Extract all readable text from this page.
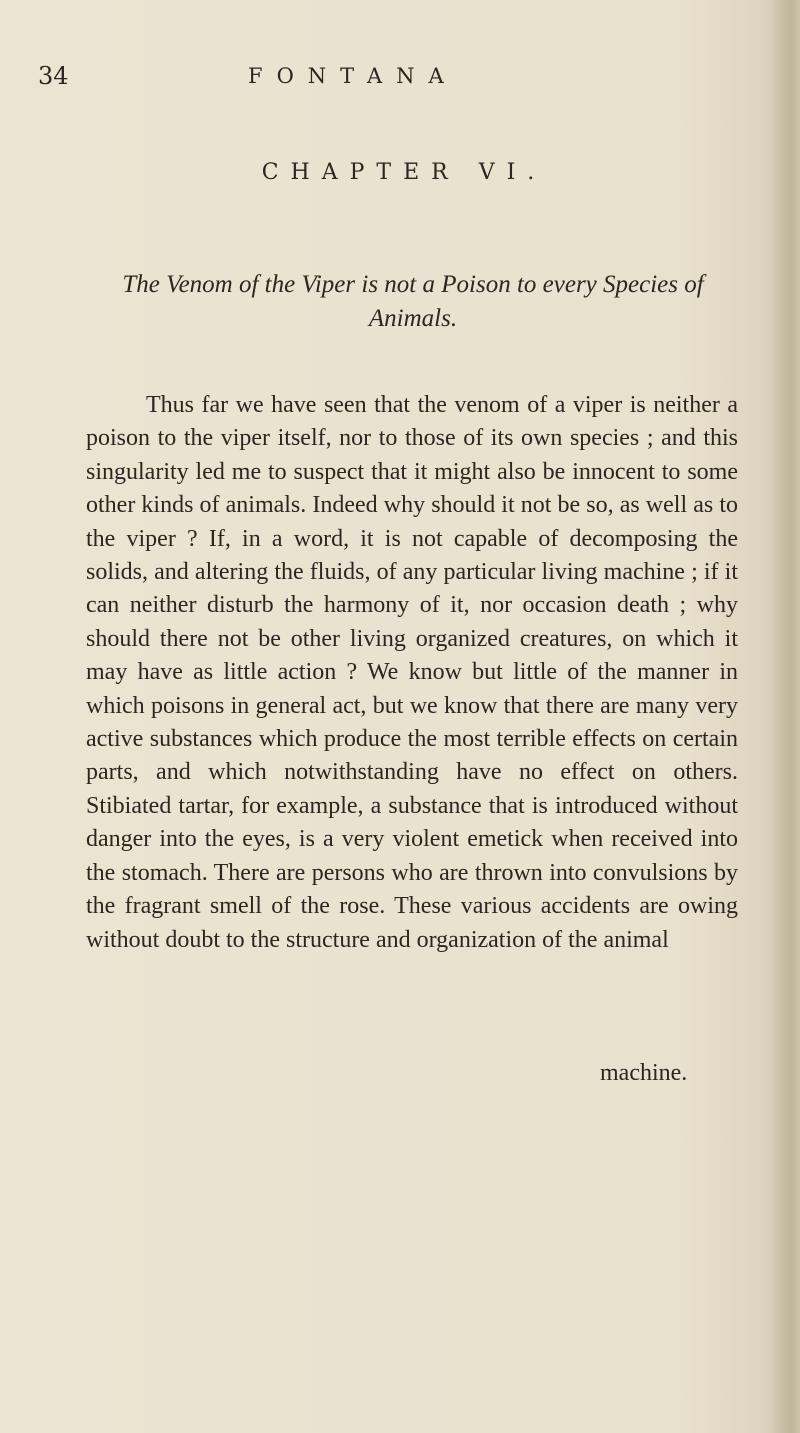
34	FONTANA
CHAPTER VI.
The Venom of the Viper is not a Poison to every Species of Animals.

Thus far we have seen that the venom of a viper is neither a poison to the viper itself, nor to those of its own species ; and this singularity led me to suspect that it might also be innocent to some other kinds of animals. Indeed why should it not be so, as well as to the viper ? If, in a word, it is not capable of decomposing the solids, and altering the fluids, of any particular living machine ; if it can neither disturb the harmony of it, nor occasion death ; why should there not be other living organized creatures, on which it may have as little action ? We know but little of the manner in which poisons in general act, but we know that there are many very active substances which produce the most terrible effects on certain parts, and which notwithstanding have no effect on others. Stibiated tartar, for example, a substance that is introduced without danger into the eyes, is a very violent emetick when received into the stomach. There are persons who are thrown into convulsions by the fragrant smell of the rose. These various accidents are owing without doubt to the structure and organization of the animal

machine.
